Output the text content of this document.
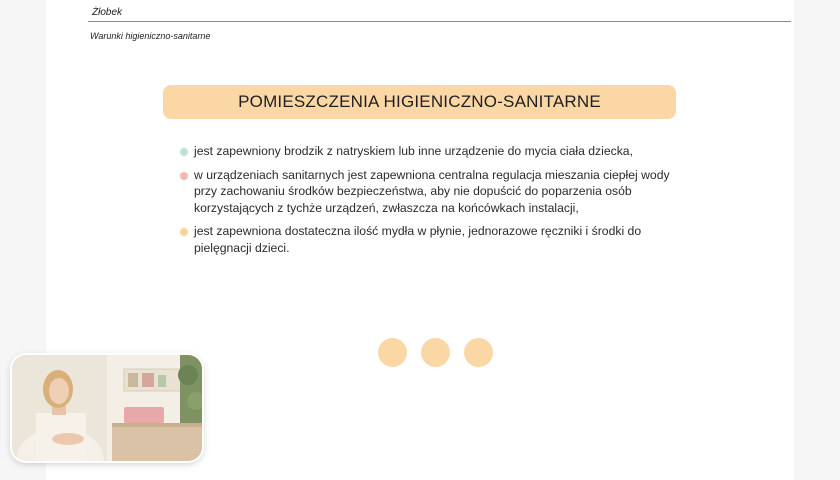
Żłobek
Warunki higieniczno-sanitarne
POMIESZCZENIA HIGIENICZNO-SANITARNE
jest zapewniony brodzik z natryskiem lub inne urządzenie do mycia ciała dziecka,
w urządzeniach sanitarnych jest zapewniona centralna regulacja mieszania ciepłej wody przy zachowaniu środków bezpieczeństwa, aby nie dopuścić do poparzenia osób korzystających z tychże urządzeń, zwłaszcza na końcówkach instalacji,
jest zapewniona dostateczna ilość mydła w płynie, jednorazowe ręczniki i środki do pielęgnacji dzieci.
